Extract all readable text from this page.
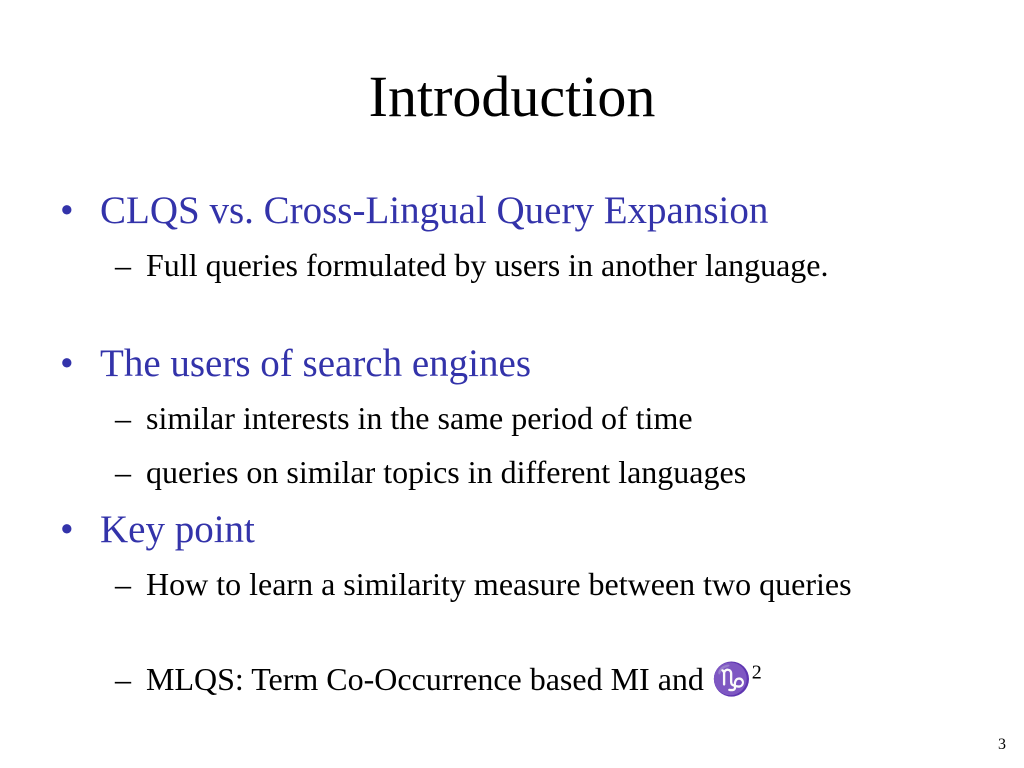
Introduction
• CLQS vs. Cross-Lingual Query Expansion
– Full queries formulated by users in another language.
• The users of search engines
– similar interests in the same period of time
– queries on similar topics in different languages
• Key point
– How to learn a similarity measure between two queries
– MLQS: Term Co-Occurrence based MI and ♑$^2$
3
